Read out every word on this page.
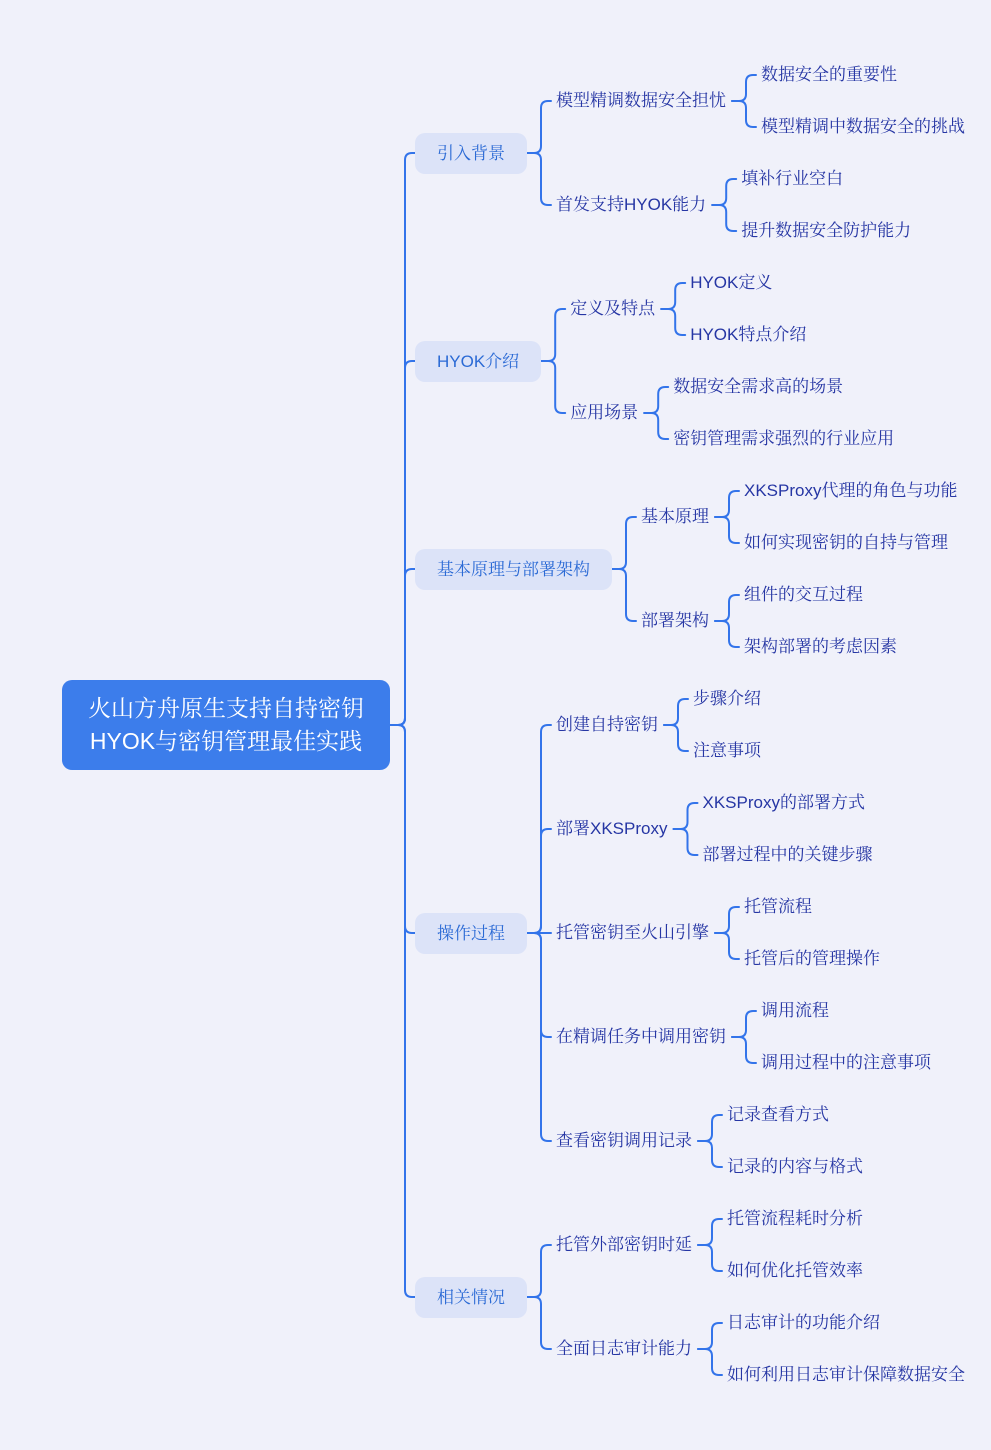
火山方舟原生支持自持密钥HYOK与密钥管理最佳实践
引入背景
模型精调数据安全担忧
数据安全的重要性
模型精调中数据安全的挑战
首发支持HYOK能力
填补行业空白
提升数据安全防护能力
HYOK介绍
定义及特点
HYOK定义
HYOK特点介绍
应用场景
数据安全需求高的场景
密钥管理需求强烈的行业应用
基本原理与部署架构
基本原理
XKSProxy代理的角色与功能
如何实现密钥的自持与管理
部署架构
组件的交互过程
架构部署的考虑因素
操作过程
创建自持密钥
步骤介绍
注意事项
部署XKSProxy
XKSProxy的部署方式
部署过程中的关键步骤
托管密钥至火山引擎
托管流程
托管后的管理操作
在精调任务中调用密钥
调用流程
调用过程中的注意事项
查看密钥调用记录
记录查看方式
记录的内容与格式
相关情况
托管外部密钥时延
托管流程耗时分析
如何优化托管效率
全面日志审计能力
日志审计的功能介绍
如何利用日志审计保障数据安全
